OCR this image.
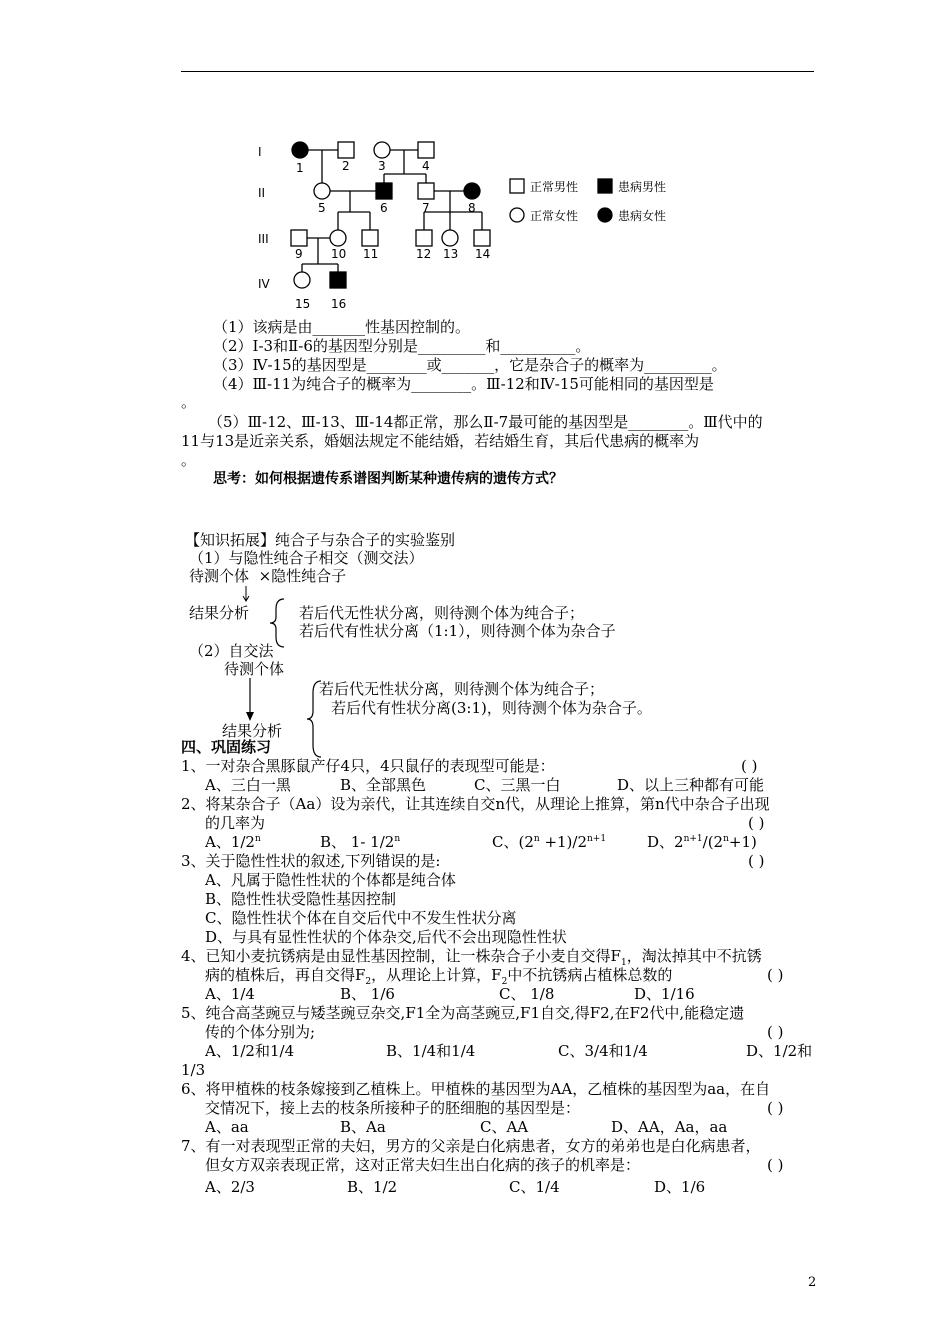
I
II
III
IV
1	2 3	4
5	6	7	8
9 10 11	12 13 14
15 16
正常男性	患病男性
正常女性	患病女性
（1）该病是由_______性基因控制的。
（2）Ⅰ-3和Ⅱ-6的基因型分别是_________和__________。
（3）Ⅳ-15的基因型是________或_______，它是杂合子的概率为_________。
（4）Ⅲ-11为纯合子的概率为________。Ⅲ-12和Ⅳ-15可能相同的基因型是
。
（5）Ⅲ-12、Ⅲ-13、Ⅲ-14都正常，那么Ⅱ-7最可能的基因型是________。Ⅲ代中的
11与13是近亲关系，婚姻法规定不能结婚，若结婚生育，其后代患病的概率为
。
思考：如何根据遗传系谱图判断某种遗传病的遗传方式？
【知识拓展】纯合子与杂合子的实验鉴别
（1）与隐性纯合子相交（测交法）
待测个体 ×隐性纯合子
结果分析	若后代无性状分离，则待测个体为纯合子；
若后代有性状分离（1:1），则待测个体为杂合子
（2）自交法
待测个体
若后代无性状分离，则待测个体为纯合子；
若后代有性状分离(3:1)，则待测个体为杂合子。
结果分析
四、巩固练习
1、一对杂合黑豚鼠产仔4只，4只鼠仔的表现型可能是：	( )
A、三白一黑	B、全部黑色	C、三黑一白	D、以上三种都有可能
2、将某杂合子（Aa）设为亲代，让其连续自交n代，从理论上推算，第n代中杂合子出现
的几率为	( )
A、1/2$^n$	B、 1- 1/2$^n$	C、$(2^n +1)/2^{n+1}$	D、$2^{n+1}/(2^n+1)$
3、关于隐性性状的叙述,下列错误的是:	( )
A、凡属于隐性性状的个体都是纯合体
B、隐性性状受隐性基因控制
C、隐性性状个体在自交后代中不发生性状分离
D、与具有显性性状的个体杂交,后代不会出现隐性性状
4、已知小麦抗锈病是由显性基因控制，让一株杂合子小麦自交得$F_1$，淘汰掉其中不抗锈
病的植株后，再自交得$F_2$，从理论上计算，$F_2$中不抗锈病占植株总数的	( )
A、1/4	B、 1/6	C、 1/8	D、1/16
5、纯合高茎豌豆与矮茎豌豆杂交,F1全为高茎豌豆,F1自交,得F2,在F2代中,能稳定遗
传的个体分别为;	( )
A、1/2和1/4	B、1/4和1/4	C、3/4和1/4	D、1/2和
1/3
6、将甲植株的枝条嫁接到乙植株上。甲植株的基因型为AA，乙植株的基因型为aa，在自
交情况下，接上去的枝条所接种子的胚细胞的基因型是：	( )
A、aa	B、Aa	C、AA	D、AA，Aa，aa
7、有一对表现型正常的夫妇，男方的父亲是白化病患者，女方的弟弟也是白化病患者，
但女方双亲表现正常，这对正常夫妇生出白化病的孩子的机率是：	( )
A、2/3	B、1/2	C、1/4	D、1/6
2
